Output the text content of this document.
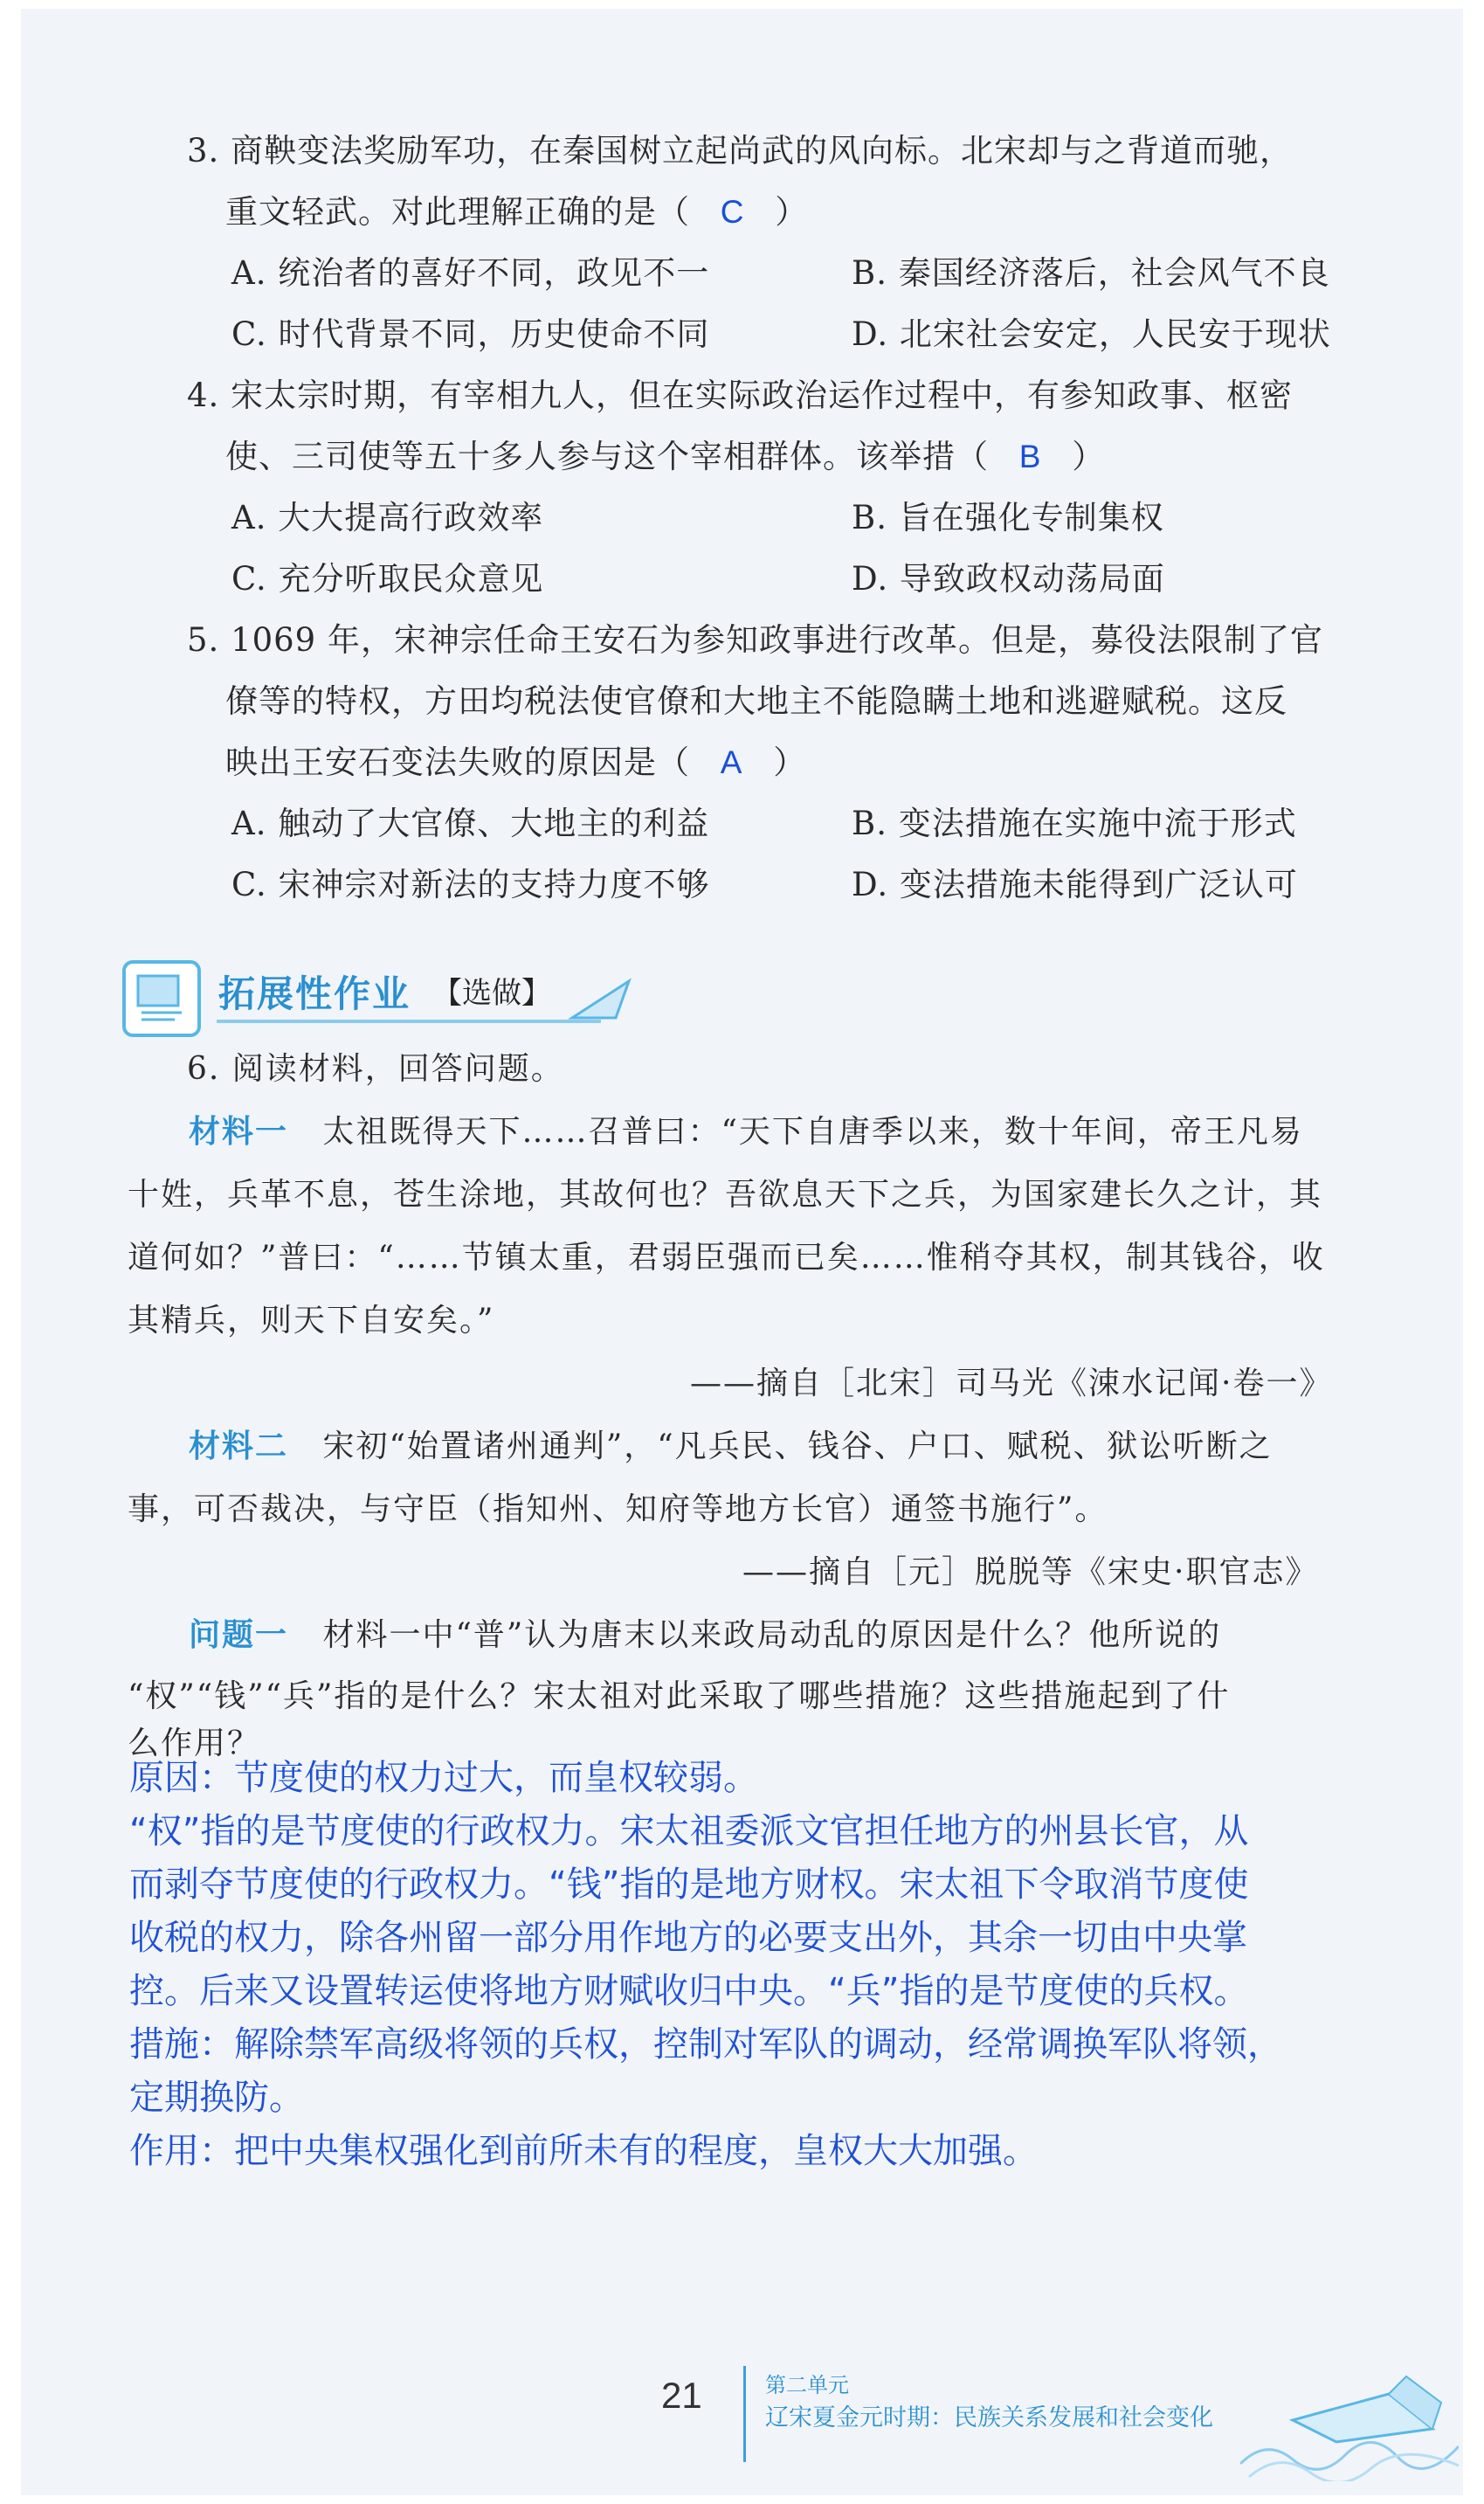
3. 商鞅变法奖励军功，在秦国树立起尚武的风向标。北宋却与之背道而驰，
重文轻武。对此理解正确的是（ C ）
A. 统治者的喜好不同，政见不一	B. 秦国经济落后，社会风气不良
C. 时代背景不同，历史使命不同	D. 北宋社会安定，人民安于现状
4. 宋太宗时期，有宰相九人，但在实际政治运作过程中，有参知政事、枢密
使、三司使等五十多人参与这个宰相群体。该举措（ B ）
A. 大大提高行政效率	B. 旨在强化专制集权
C. 充分听取民众意见	D. 导致政权动荡局面
5. 1069 年，宋神宗任命王安石为参知政事进行改革。但是，募役法限制了官
僚等的特权，方田均税法使官僚和大地主不能隐瞒土地和逃避赋税。这反
映出王安石变法失败的原因是（ A ）
A. 触动了大官僚、大地主的利益	B. 变法措施在实施中流于形式
C. 宋神宗对新法的支持力度不够	D. 变法措施未能得到广泛认可
拓展性作业 【选做】
6. 阅读材料，回答问题。
材料一 太祖既得天下……召普曰：“天下自唐季以来，数十年间，帝王凡易
十姓，兵革不息，苍生涂地，其故何也？吾欲息天下之兵，为国家建长久之计，其
道何如？”普曰：“……节镇太重，君弱臣强而已矣……惟稍夺其权，制其钱谷，收
其精兵，则天下自安矣。”
——摘自［北宋］司马光《涑水记闻·卷一》
材料二 宋初“始置诸州通判”，“凡兵民、钱谷、户口、赋税、狱讼听断之
事，可否裁决，与守臣（指知州、知府等地方长官）通签书施行”。
——摘自［元］脱脱等《宋史·职官志》
问题一 材料一中“普”认为唐末以来政局动乱的原因是什么？他所说的
“权”“钱”“兵”指的是什么？宋太祖对此采取了哪些措施？这些措施起到了什
么作用？
原因：节度使的权力过大，而皇权较弱。
“权”指的是节度使的行政权力。宋太祖委派文官担任地方的州县长官，从
而剥夺节度使的行政权力。“钱”指的是地方财权。宋太祖下令取消节度使
收税的权力，除各州留一部分用作地方的必要支出外，其余一切由中央掌
控。后来又设置转运使将地方财赋收归中央。“兵”指的是节度使的兵权。
措施：解除禁军高级将领的兵权，控制对军队的调动，经常调换军队将领，
定期换防。
作用：把中央集权强化到前所未有的程度，皇权大大加强。
21	第二单元
辽宋夏金元时期：民族关系发展和社会变化
